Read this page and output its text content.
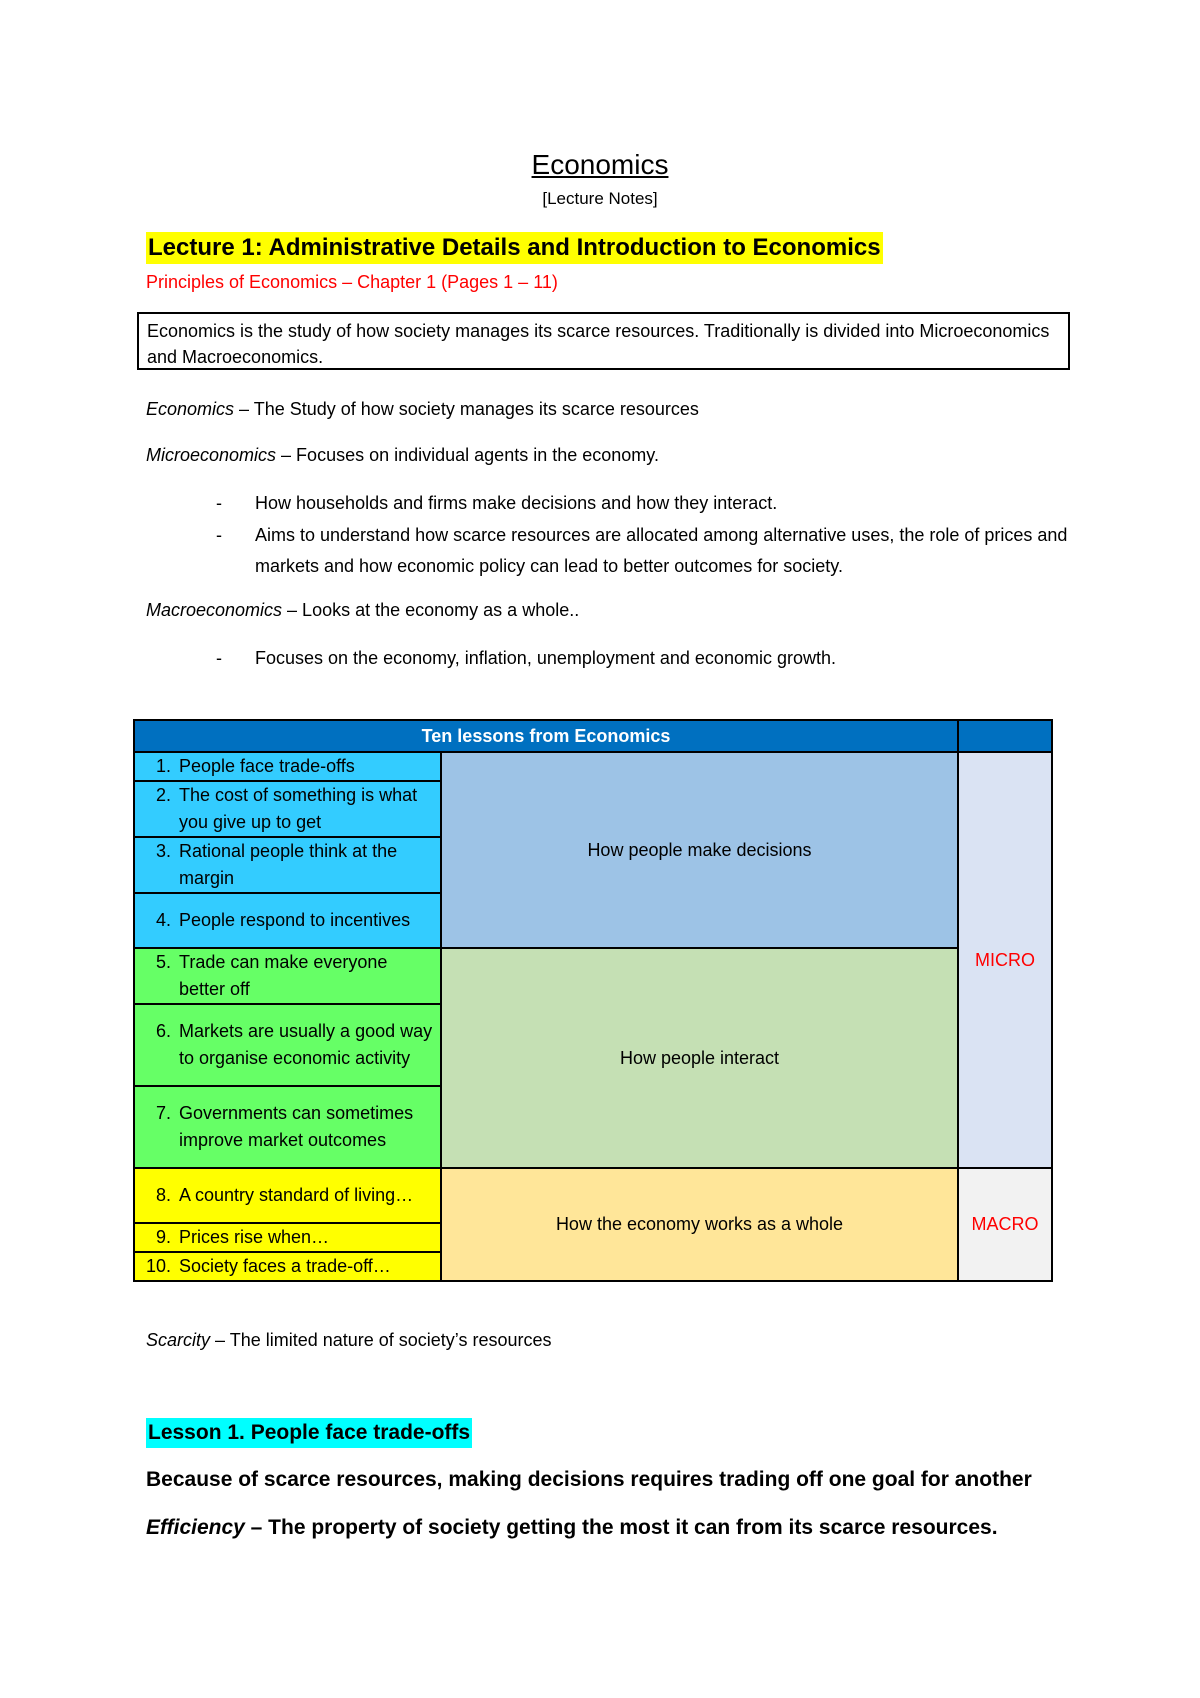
Economics
[Lecture Notes]
Lecture 1: Administrative Details and Introduction to Economics
Principles of Economics – Chapter 1 (Pages 1 – 11)
Economics is the study of how society manages its scarce resources. Traditionally is divided into Microeconomics and Macroeconomics.
Economics – The Study of how society manages its scarce resources
Microeconomics – Focuses on individual agents in the economy.
- How households and firms make decisions and how they interact.
- Aims to understand how scarce resources are allocated among alternative uses, the role of prices and markets and how economic policy can lead to better outcomes for society.
Macroeconomics – Looks at the economy as a whole..
- Focuses on the economy, inflation, unemployment and economic growth.
Ten lessons from Economics		

1. People face trade-offs	How people make decisions	MICRO

2. The cost of something is what you give up to get		

3. Rational people think at the margin		

4. People respond to incentives		

5. Trade can make everyone better off	How people interact	

6. Markets are usually a good way to organise economic activity		

7. Governments can sometimes improve market outcomes		

8. A country standard of living…	How the economy works as a whole	MACRO

9. Prices rise when…		

10. Society faces a trade-off…		
Scarcity – The limited nature of society’s resources
Lesson 1. People face trade-offs
Because of scarce resources, making decisions requires trading off one goal for another
Efficiency – The property of society getting the most it can from its scarce resources.
